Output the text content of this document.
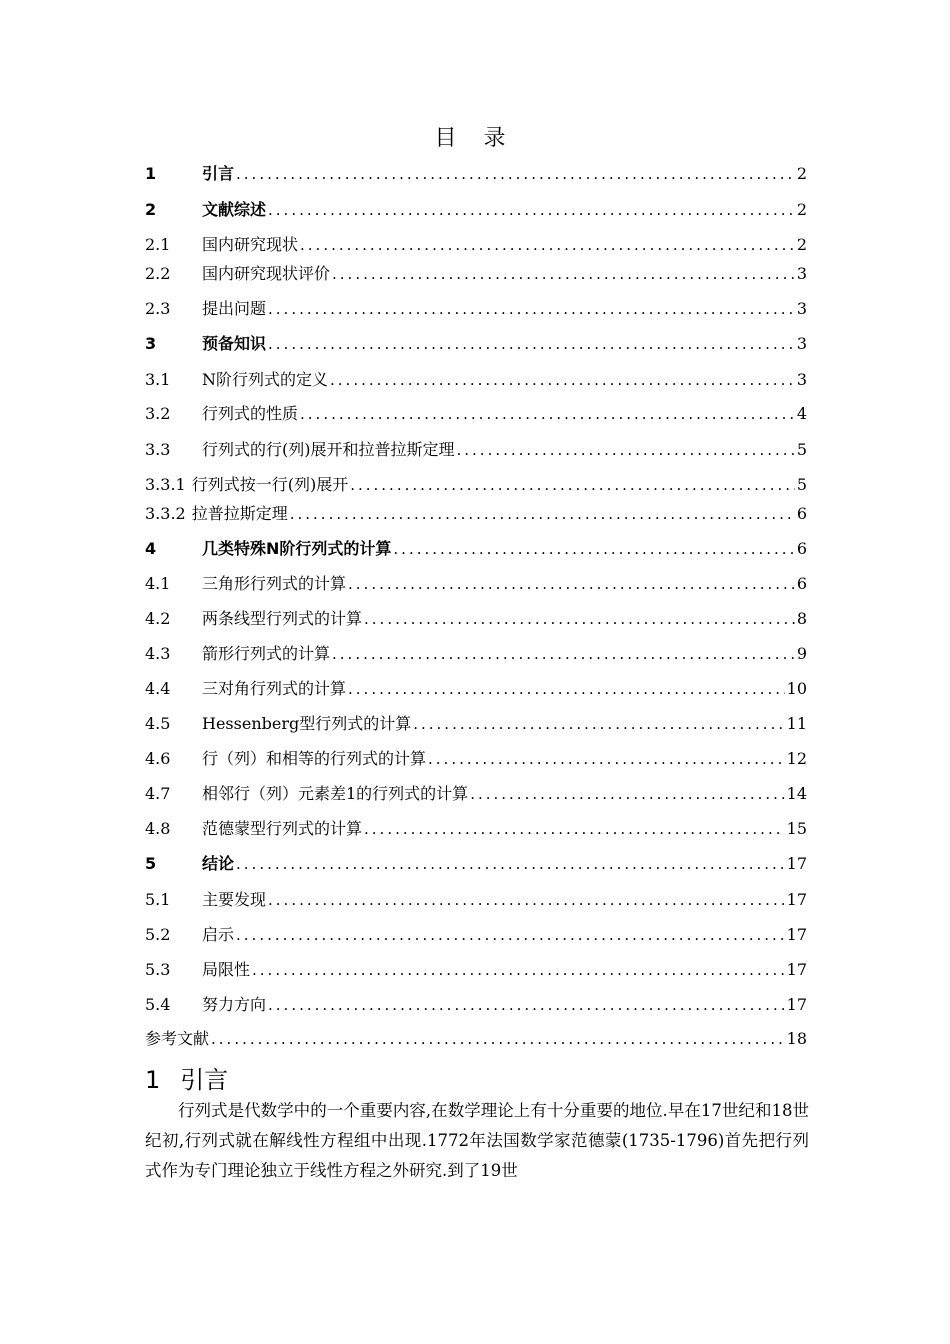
目 录
1	引言 .....	2
2	文献综述 .....	2
2.1	国内研究现状 .....	2
2.2	国内研究现状评价 .....	3
2.3	提出问题 .....	3
3	预备知识 .....	3
3.1	N阶行列式的定义 .....	3
3.2	行列式的性质 .....	4
3.3	行列式的行(列)展开和拉普拉斯定理 .....	5
3.3.1 行列式按一行(列)展开 .....	5
3.3.2 拉普拉斯定理 .....	6
4	几类特殊N阶行列式的计算 .....	6
4.1	三角形行列式的计算 .....	6
4.2	两条线型行列式的计算 .....	8
4.3	箭形行列式的计算 .....	9
4.4	三对角行列式的计算 .....	10
4.5	Hessenberg型行列式的计算 .....	11
4.6	行（列）和相等的行列式的计算 .....	12
4.7	相邻行（列）元素差1的行列式的计算 .....	14
4.8	范德蒙型行列式的计算 .....	15
5	结论 .....	17
5.1	主要发现 .....	17
5.2	启示 .....	17
5.3	局限性 .....	17
5.4	努力方向 .....	17
参考文献 .....	18
1 引言

行列式是代数学中的一个重要内容,在数学理论上有十分重要的地位.早在17世纪和18世纪初,行列式就在解线性方程组中出现.1772年法国数学家范德蒙(1735-1796)首先把行列式作为专门理论独立于线性方程之外研究.到了19世
